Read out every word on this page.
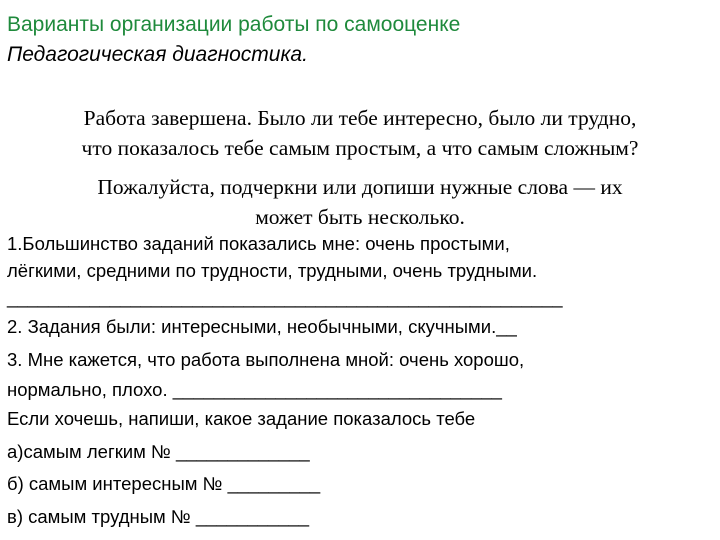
Варианты организации работы по самооценке
Педагогическая диагностика.
Работа завершена. Было ли тебе интересно, было ли трудно,
что показалось тебе самым простым, а что самым сложным?
Пожалуйста, подчеркни или допиши нужные слова — их
может быть несколько.
1.Большинство заданий показались мне: очень простыми,
лёгкими, средними по трудности, трудными, очень трудными.
______________________________________________________
2. Задания были: интересными, необычными, скучными.__
3. Мне кажется, что работа выполнена мной: очень хорошо,
нормально, плохо. ________________________________
Если хочешь, напиши, какое задание показалось тебе
а)самым легким № _____________
б) самым интересным № _________
в) самым трудным № ___________
